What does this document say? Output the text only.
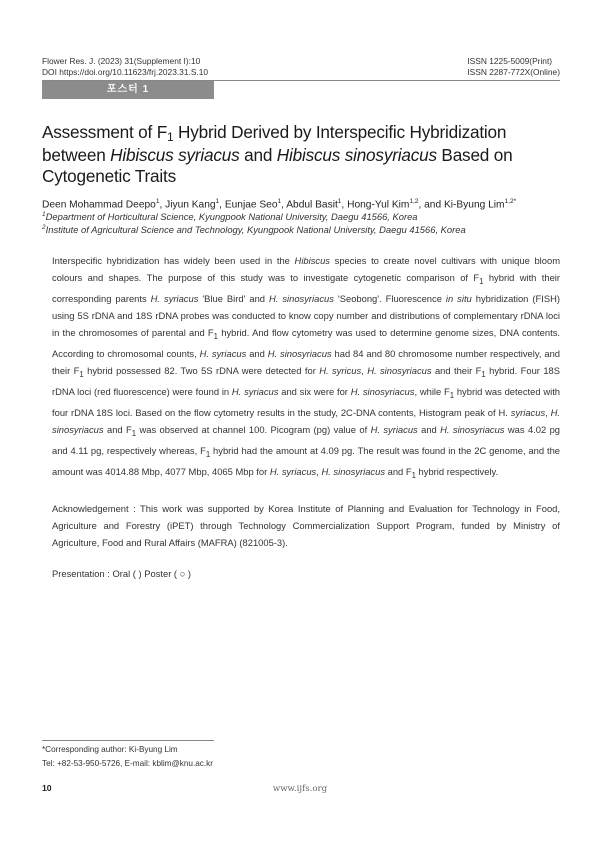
Flower Res. J. (2023) 31(Supplement I):10
DOI https://doi.org/10.11623/frj.2023.31.S.10
ISSN 1225-5009(Print)
ISSN 2287-772X(Online)
포스터 1
Assessment of F1 Hybrid Derived by Interspecific Hybridization between Hibiscus syriacus and Hibiscus sinosyriacus Based on Cytogenetic Traits
Deen Mohammad Deepo$^1$, Jiyun Kang$^1$, Eunjae Seo$^1$, Abdul Basit$^1$, Hong-Yul Kim$^{1,2}$, and Ki-Byung Lim$^{1,2*}$
$^1$Department of Horticultural Science, Kyungpook National University, Daegu 41566, Korea
$^2$Institute of Agricultural Science and Technology, Kyungpook National University, Daegu 41566, Korea

Interspecific hybridization has widely been used in the Hibiscus species to create novel cultivars with unique bloom colours and shapes. The purpose of this study was to investigate cytogenetic comparison of $F_1$ hybrid with their corresponding parents H. syriacus 'Blue Bird' and H. sinosyriacus 'Seobong'. Fluorescence in situ hybridization (FISH) using 5S rDNA and 18S rDNA probes was conducted to know copy number and distributions of complementary rDNA loci in the chromosomes of parental and $F_1$ hybrid. And flow cytometry was used to determine genome sizes, DNA contents. According to chromosomal counts, H. syriacus and H. sinosyriacus had 84 and 80 chromosome number respectively, and their $F_1$ hybrid possessed 82. Two 5S rDNA were detected for H. syricus, H. sinosyriacus and their $F_1$ hybrid. Four 18S rDNA loci (red fluorescence) were found in H. syriacus and six were for H. sinosyriacus, while $F_1$ hybrid was detected with four rDNA 18S loci. Based on the flow cytometry results in the study, 2C-DNA contents, Histogram peak of H. syriacus, H. sinosyriacus and $F_1$ was observed at channel 100. Picogram (pg) value of H. syriacus and H. sinosyriacus was 4.02 pg and 4.11 pg, respectively whereas, $F_1$ hybrid had the amount at 4.09 pg. The result was found in the 2C genome, and the amount was 4014.88 Mbp, 4077 Mbp, 4065 Mbp for H. syriacus, H. sinosyriacus and $F_1$ hybrid respectively.

Acknowledgement : This work was supported by Korea Institute of Planning and Evaluation for Technology in Food, Agriculture and Forestry (iPET) through Technology Commercialization Support Program, funded by Ministry of Agriculture, Food and Rural Affairs (MAFRA) (821005-3).

Presentation : Oral ( ) Poster ( ○ )
*Corresponding author: Ki-Byung Lim
Tel: +82-53-950-5726, E-mail: kblim@knu.ac.kr
10	www.ijfs.org
